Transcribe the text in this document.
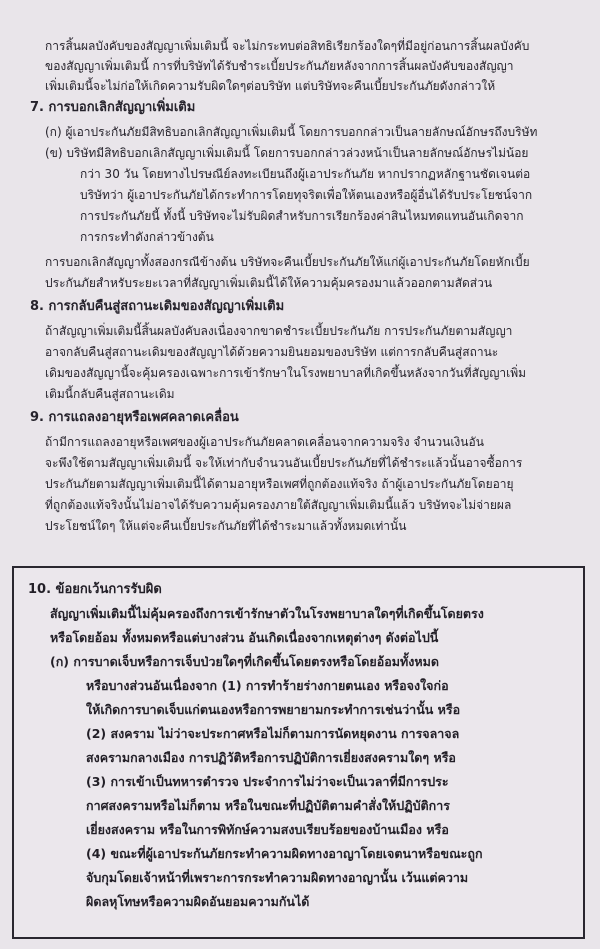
การสิ้นผลบังคับของสัญญาเพิ่มเติมนี้ จะไม่กระทบต่อสิทธิเรียกร้องใดๆที่มีอยู่ก่อนการสิ้นผลบังคับ
ของสัญญาเพิ่มเติมนี้ การที่บริษัทได้รับชำระเบี้ยประกันภัยหลังจากการสิ้นผลบังคับของสัญญา
เพิ่มเติมนี้จะไม่ก่อให้เกิดความรับผิดใดๆต่อบริษัท แต่บริษัทจะคืนเบี้ยประกันภัยดังกล่าวให้
7. การบอกเลิกสัญญาเพิ่มเติม
(ก) ผู้เอาประกันภัยมีสิทธิบอกเลิกสัญญาเพิ่มเติมนี้ โดยการบอกกล่าวเป็นลายลักษณ์อักษรถึงบริษัท
(ข) บริษัทมีสิทธิบอกเลิกสัญญาเพิ่มเติมนี้ โดยการบอกกล่าวล่วงหน้าเป็นลายลักษณ์อักษรไม่น้อย
กว่า 30 วัน โดยทางไปรษณีย์ลงทะเบียนถึงผู้เอาประกันภัย หากปรากฏหลักฐานชัดเจนต่อ
บริษัทว่า ผู้เอาประกันภัยได้กระทำการโดยทุจริตเพื่อให้ตนเองหรือผู้อื่นได้รับประโยชน์จาก
การประกันภัยนี้ ทั้งนี้ บริษัทจะไม่รับผิดสำหรับการเรียกร้องค่าสินไหมทดแทนอันเกิดจาก
การกระทำดังกล่าวข้างต้น
การบอกเลิกสัญญาทั้งสองกรณีข้างต้น บริษัทจะคืนเบี้ยประกันภัยให้แก่ผู้เอาประกันภัยโดยหักเบี้ย
ประกันภัยสำหรับระยะเวลาที่สัญญาเพิ่มเติมนี้ได้ให้ความคุ้มครองมาแล้วออกตามสัดส่วน
8. การกลับคืนสู่สถานะเดิมของสัญญาเพิ่มเติม
ถ้าสัญญาเพิ่มเติมนี้สิ้นผลบังคับลงเนื่องจากขาดชำระเบี้ยประกันภัย การประกันภัยตามสัญญา
อาจกลับคืนสู่สถานะเดิมของสัญญาได้ด้วยความยินยอมของบริษัท แต่การกลับคืนสู่สถานะ
เดิมของสัญญานี้จะคุ้มครองเฉพาะการเข้ารักษาในโรงพยาบาลที่เกิดขึ้นหลังจากวันที่สัญญาเพิ่ม
เติมนี้กลับคืนสู่สถานะเดิม
9. การแถลงอายุหรือเพศคลาดเคลื่อน
ถ้ามีการแถลงอายุหรือเพศของผู้เอาประกันภัยคลาดเคลื่อนจากความจริง จำนวนเงินอัน
จะพึงใช้ตามสัญญาเพิ่มเติมนี้ จะให้เท่ากับจำนวนอันเบี้ยประกันภัยที่ได้ชำระแล้วนั้นอาจซื้อการ
ประกันภัยตามสัญญาเพิ่มเติมนี้ได้ตามอายุหรือเพศที่ถูกต้องแท้จริง ถ้าผู้เอาประกันภัยโดยอายุ
ที่ถูกต้องแท้จริงนั้นไม่อาจได้รับความคุ้มครองภายใต้สัญญาเพิ่มเติมนี้แล้ว บริษัทจะไม่จ่ายผล
ประโยชน์ใดๆ ให้แต่จะคืนเบี้ยประกันภัยที่ได้ชำระมาแล้วทั้งหมดเท่านั้น
10. ข้อยกเว้นการรับผิด
สัญญาเพิ่มเติมนี้ไม่คุ้มครองถึงการเข้ารักษาตัวในโรงพยาบาลใดๆที่เกิดขึ้นโดยตรง
หรือโดยอ้อม ทั้งหมดหรือแต่บางส่วน อันเกิดเนื่องจากเหตุต่างๆ ดังต่อไปนี้
(ก) การบาดเจ็บหรือการเจ็บป่วยใดๆที่เกิดขึ้นโดยตรงหรือโดยอ้อมทั้งหมด
หรือบางส่วนอันเนื่องจาก (1) การทำร้ายร่างกายตนเอง หรือจงใจก่อ
ให้เกิดการบาดเจ็บแก่ตนเองหรือการพยายามกระทำการเช่นว่านั้น หรือ
(2) สงคราม ไม่ว่าจะประกาศหรือไม่ก็ตามการนัดหยุดงาน การจลาจล
สงครามกลางเมือง การปฏิวัติหรือการปฏิบัติการเยี่ยงสงครามใดๆ หรือ
(3) การเข้าเป็นทหารตำรวจ ประจำการไม่ว่าจะเป็นเวลาที่มีการประ
กาศสงครามหรือไม่ก็ตาม หรือในขณะที่ปฏิบัติตามคำสั่งให้ปฏิบัติการ
เยี่ยงสงคราม หรือในการพิทักษ์ความสงบเรียบร้อยของบ้านเมือง หรือ
(4) ขณะที่ผู้เอาประกันภัยกระทำความผิดทางอาญาโดยเจตนาหรือขณะถูก
จับกุมโดยเจ้าหน้าที่เพราะการกระทำความผิดทางอาญานั้น เว้นแต่ความ
ผิดลหุโทษหรือความผิดอันยอมความกันได้
